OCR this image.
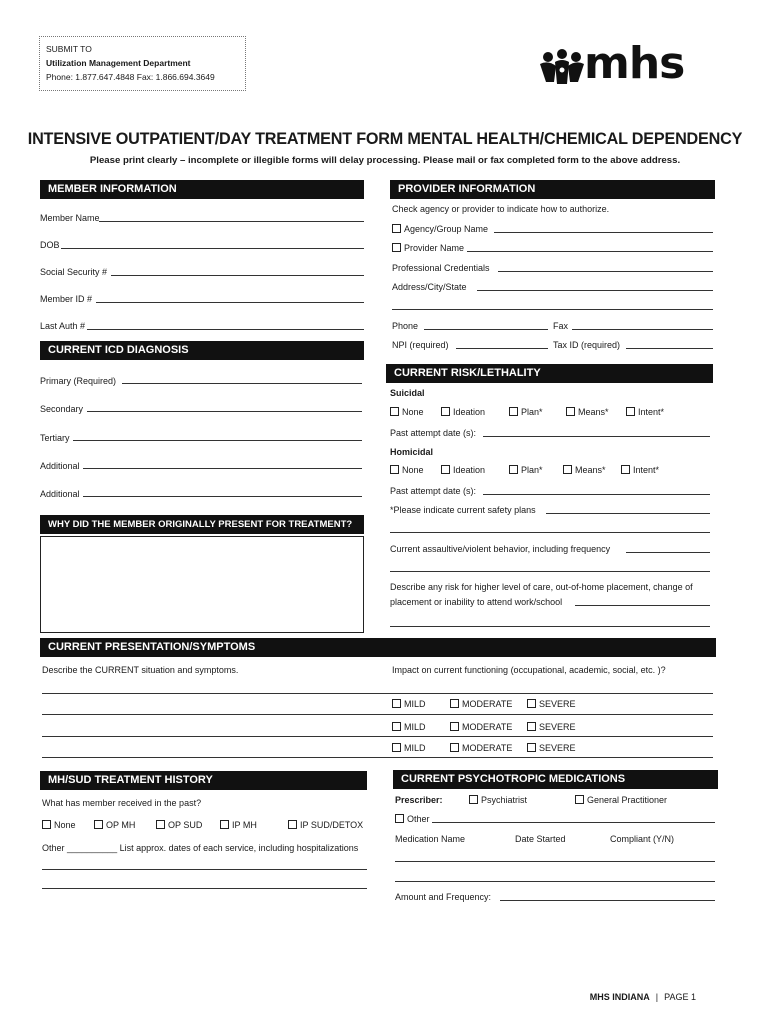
SUBMIT TO
Utilization Management Department
Phone: 1.877.647.4848 Fax: 1.866.694.3649	mhs
INTENSIVE OUTPATIENT/DAY TREATMENT FORM MENTAL HEALTH/CHEMICAL DEPENDENCY
Please print clearly – incomplete or illegible forms will delay processing. Please mail or fax completed form to the above address.
MEMBER INFORMATION
Member Name
DOB
Social Security #
Member ID #
Last Auth #
PROVIDER INFORMATION
Check agency or provider to indicate how to authorize.
Agency/Group Name
Provider Name
Professional Credentials
Address/City/State
Phone	Fax
NPI (required)	Tax ID (required)
CURRENT ICD DIAGNOSIS
Primary (Required)
Secondary
Tertiary
Additional
Additional
WHY DID THE MEMBER ORIGINALLY PRESENT FOR TREATMENT?
CURRENT RISK/LETHALITY
Suicidal
None	Ideation	Plan*	Means*	Intent*
Past attempt date (s):
Homicidal
None	Ideation	Plan*	Means*	Intent*
Past attempt date (s):
*Please indicate current safety plans
Current assaultive/violent behavior, including frequency
Describe any risk for higher level of care, out-of-home placement, change of
placement or inability to attend work/school
CURRENT PRESENTATION/SYMPTOMS
Describe the CURRENT situation and symptoms.	Impact on current functioning (occupational, academic, social, etc. )?
MILD	MODERATE	SEVERE
MILD	MODERATE	SEVERE
MILD	MODERATE	SEVERE
MH/SUD TREATMENT HISTORY
What has member received in the past?
None	OP MH	OP SUD	IP MH	IP SUD/DETOX
Other __________ List approx. dates of each service, including hospitalizations
CURRENT PSYCHOTROPIC MEDICATIONS
Prescriber:	Psychiatrist	General Practitioner
Other
Medication Name	Date Started	Compliant (Y/N)
Amount and Frequency:
MHS INDIANA | PAGE 1
